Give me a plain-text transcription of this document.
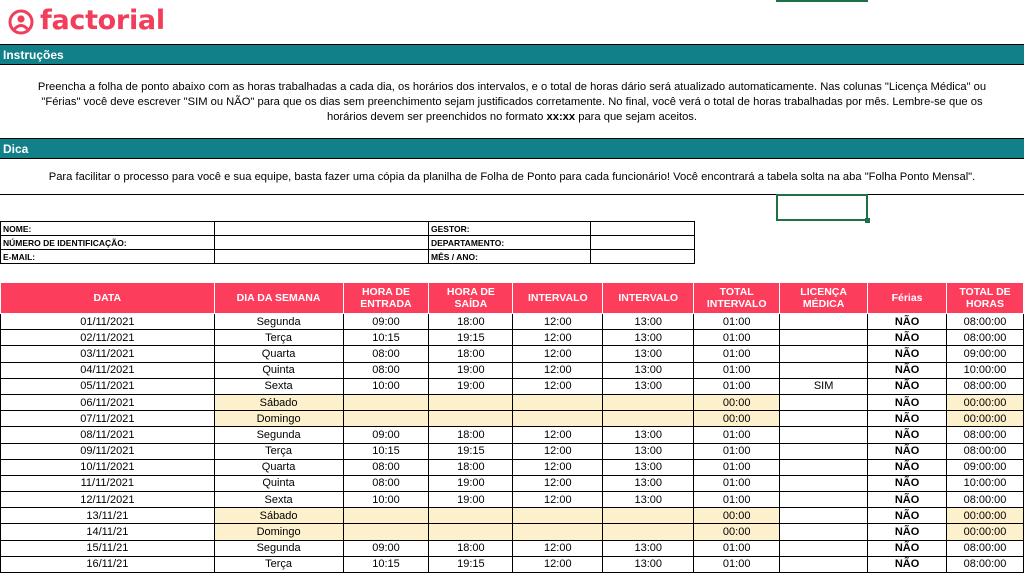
factorial
Instruções
Preencha a folha de ponto abaixo com as horas trabalhadas a cada dia, os horários dos intervalos, e o total de horas dário será atualizado automaticamente. Nas colunas "Licença Médica" ou
"Férias" você deve escrever "SIM ou NÃO" para que os dias sem preenchimento sejam justificados corretamente. No final, você verá o total de horas trabalhadas por mês. Lembre-se que os
horários devem ser preenchidos no formato xx:xx para que sejam aceitos.
Dica
Para facilitar o processo para você e sua equipe, basta fazer uma cópia da planilha de Folha de Ponto para cada funcionário! Você encontrará a tabela solta na aba "Folha Ponto Mensal".
NOME:		GESTOR:	
NÚMERO DE IDENTIFICAÇÃO:		DEPARTAMENTO:	
E-MAIL:		MÊS / ANO:	
DATA	DIA DA SEMANA	HORA DE ENTRADA	HORA DE SAÍDA	INTERVALO	INTERVALO	TOTAL INTERVALO	LICENÇA MÉDICA	Férias	TOTAL DE HORAS
01/11/2021	Segunda	09:00	18:00	12:00	13:00	01:00		NÃO	08:00:00
02/11/2021	Terça	10:15	19:15	12:00	13:00	01:00		NÃO	08:00:00
03/11/2021	Quarta	08:00	18:00	12:00	13:00	01:00		NÃO	09:00:00
04/11/2021	Quinta	08:00	19:00	12:00	13:00	01:00		NÃO	10:00:00
05/11/2021	Sexta	10:00	19:00	12:00	13:00	01:00	SIM	NÃO	08:00:00
06/11/2021	Sábado					00:00		NÃO	00:00:00
07/11/2021	Domingo					00:00		NÃO	00:00:00
08/11/2021	Segunda	09:00	18:00	12:00	13:00	01:00		NÃO	08:00:00
09/11/2021	Terça	10:15	19:15	12:00	13:00	01:00		NÃO	08:00:00
10/11/2021	Quarta	08:00	18:00	12:00	13:00	01:00		NÃO	09:00:00
11/11/2021	Quinta	08:00	19:00	12:00	13:00	01:00		NÃO	10:00:00
12/11/2021	Sexta	10:00	19:00	12:00	13:00	01:00		NÃO	08:00:00
13/11/21	Sábado					00:00		NÃO	00:00:00
14/11/21	Domingo					00:00		NÃO	00:00:00
15/11/21	Segunda	09:00	18:00	12:00	13:00	01:00		NÃO	08:00:00
16/11/21	Terça	10:15	19:15	12:00	13:00	01:00		NÃO	08:00:00
